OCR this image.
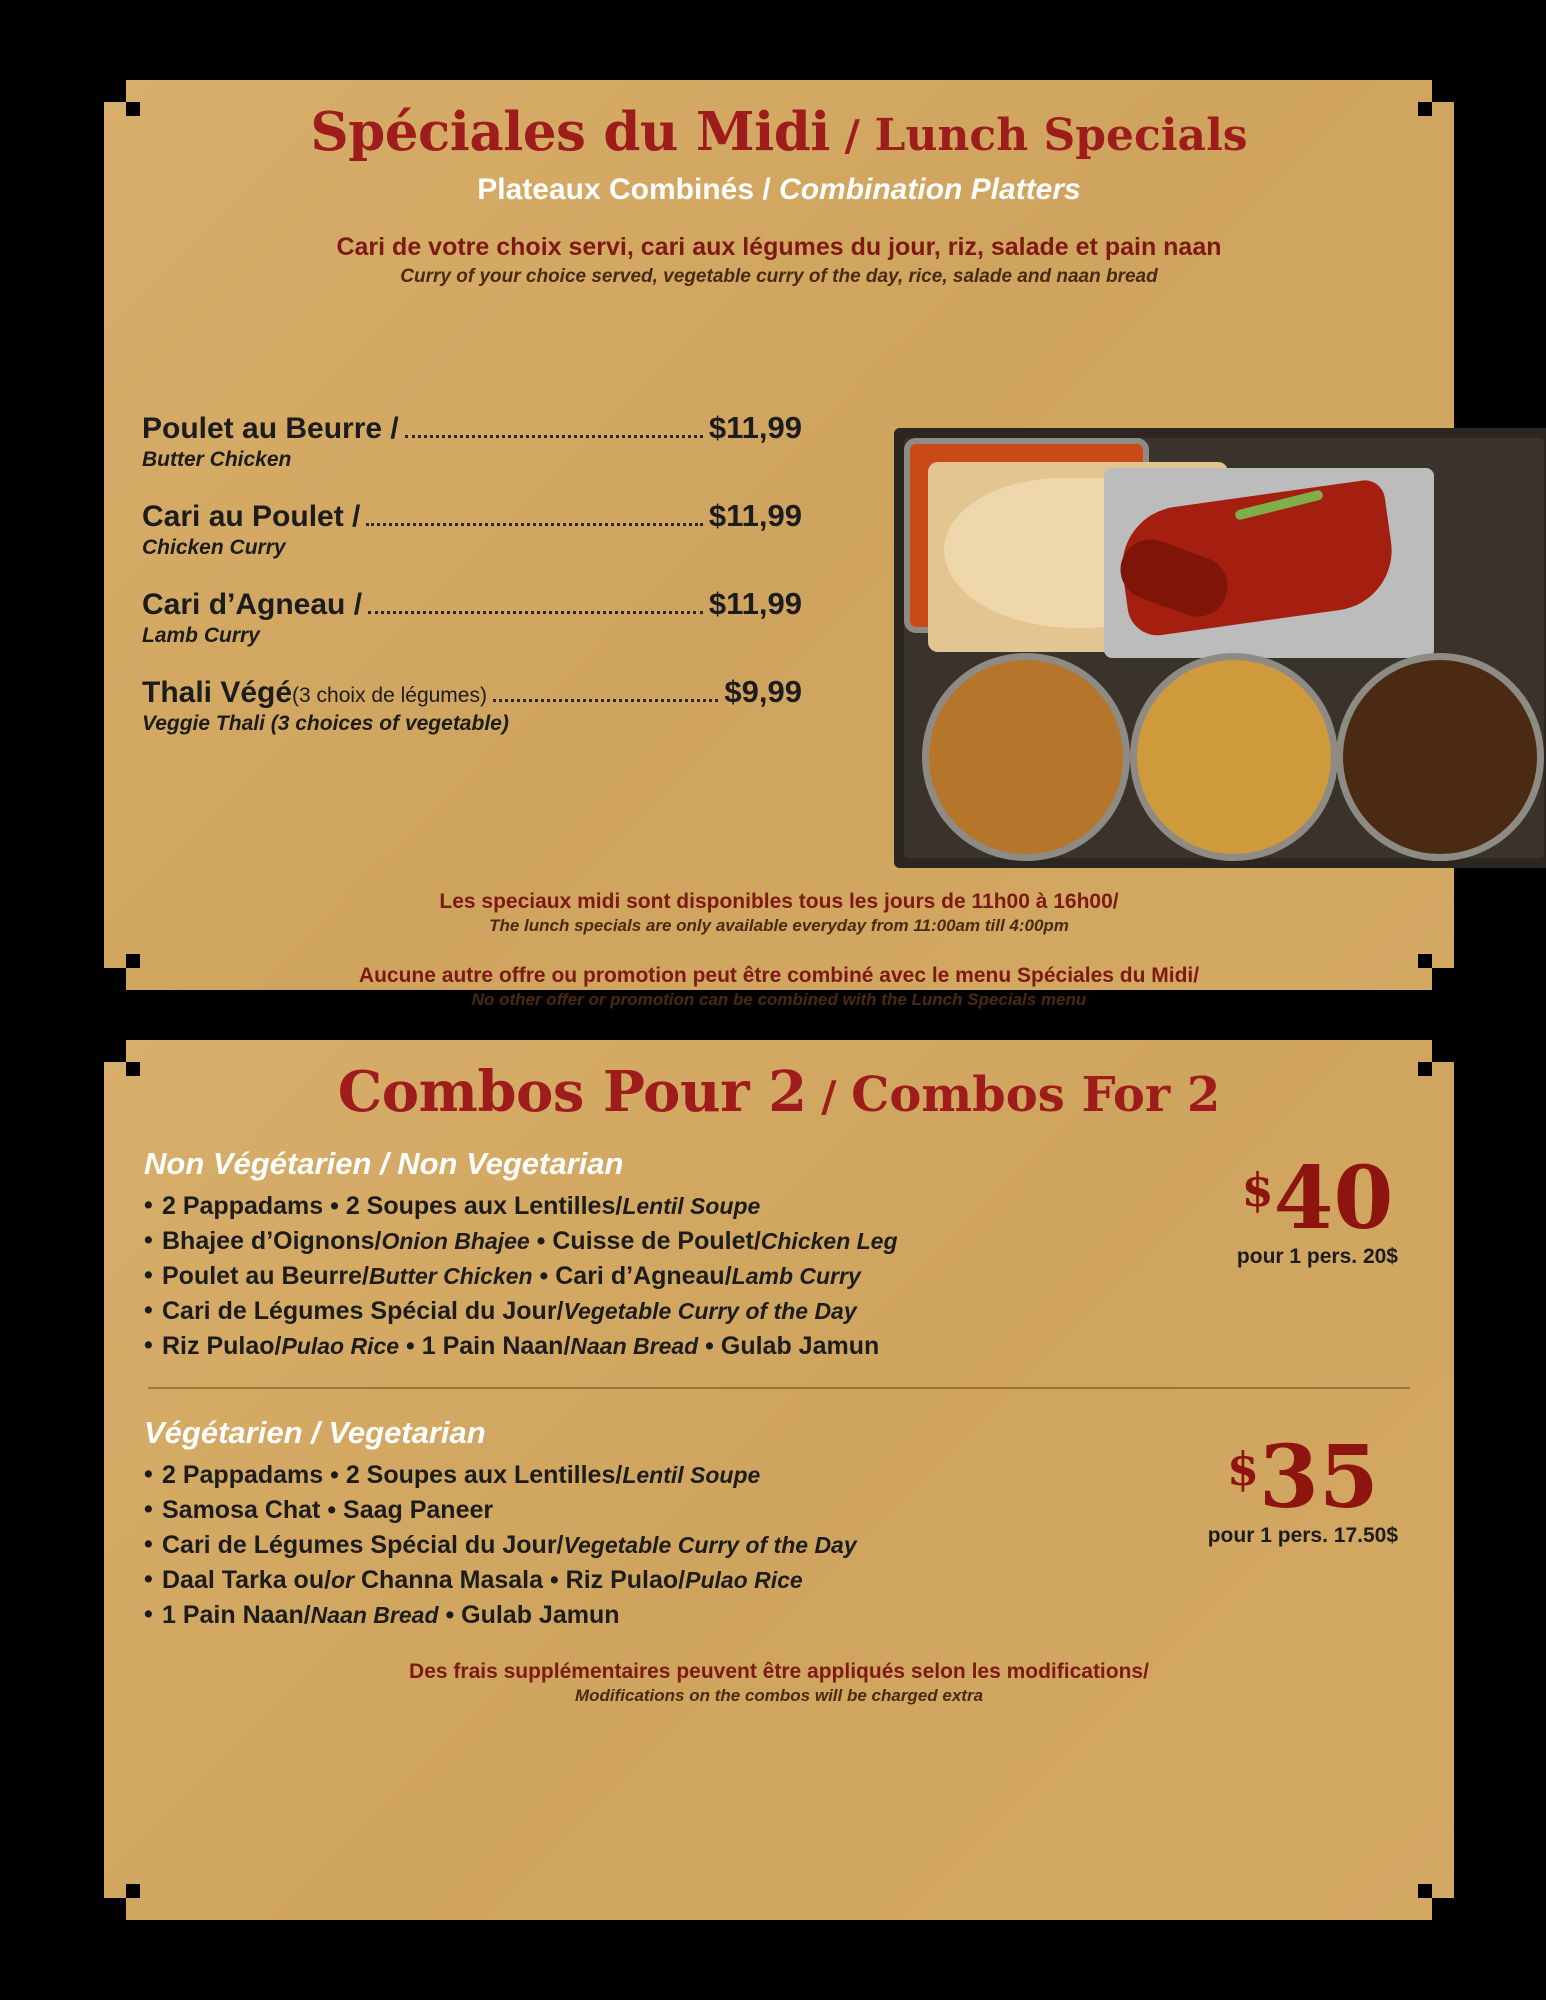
Spéciales du Midi / Lunch Specials
Plateaux Combinés / Combination Platters
Cari de votre choix servi, cari aux légumes du jour, riz, salade et pain naan
Curry of your choice served, vegetable curry of the day, rice, salade and naan bread
Poulet au Beurre /	$11,99
Butter Chicken
Cari au Poulet /	$11,99
Chicken Curry
Cari d’Agneau /	$11,99
Lamb Curry
Thali Végé (3 choix de légumes)	$9,99
Veggie Thali (3 choices of vegetable)
Les speciaux midi sont disponibles tous les jours de 11h00 à 16h00/
The lunch specials are only available everyday from 11:00am till 4:00pm
Aucune autre offre ou promotion peut être combiné avec le menu Spéciales du Midi/
No other offer or promotion can be combined with the Lunch Specials menu
Combos Pour 2 / Combos For 2
Non Végétarien / Non Vegetarian
• 2 Pappadams • 2 Soupes aux Lentilles/Lentil Soupe
• Bhajee d’Oignons/Onion Bhajee • Cuisse de Poulet/Chicken Leg
• Poulet au Beurre/Butter Chicken • Cari d’Agneau/Lamb Curry
• Cari de Légumes Spécial du Jour/Vegetable Curry of the Day
• Riz Pulao/Pulao Rice • 1 Pain Naan/Naan Bread • Gulab Jamun
$40
pour 1 pers. 20$
Végétarien / Vegetarian
• 2 Pappadams • 2 Soupes aux Lentilles/Lentil Soupe
• Samosa Chat • Saag Paneer
• Cari de Légumes Spécial du Jour/Vegetable Curry of the Day
• Daal Tarka ou/or Channa Masala • Riz Pulao/Pulao Rice
• 1 Pain Naan/Naan Bread • Gulab Jamun
$35
pour 1 pers. 17.50$
Des frais supplémentaires peuvent être appliqués selon les modifications/
Modifications on the combos will be charged extra
